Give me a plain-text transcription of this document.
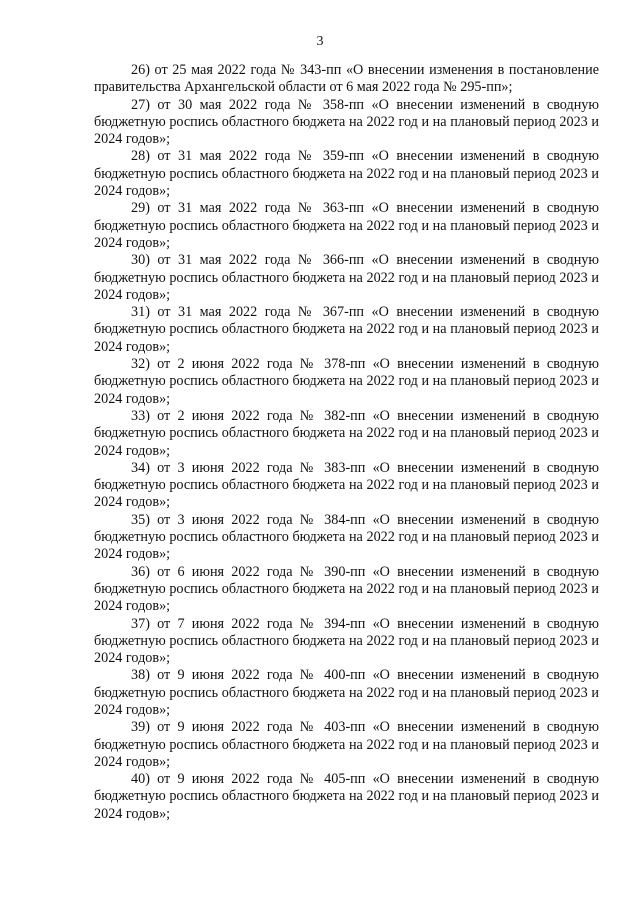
3

26) от 25 мая 2022 года № 343-пп «О внесении изменения в постановление правительства Архангельской области от 6 мая 2022 года № 295-пп»;

27) от 30 мая 2022 года № 358-пп «О внесении изменений в сводную бюджетную роспись областного бюджета на 2022 год и на плановый период 2023 и 2024 годов»;

28) от 31 мая 2022 года № 359-пп «О внесении изменений в сводную бюджетную роспись областного бюджета на 2022 год и на плановый период 2023 и 2024 годов»;

29) от 31 мая 2022 года № 363-пп «О внесении изменений в сводную бюджетную роспись областного бюджета на 2022 год и на плановый период 2023 и 2024 годов»;

30) от 31 мая 2022 года № 366-пп «О внесении изменений в сводную бюджетную роспись областного бюджета на 2022 год и на плановый период 2023 и 2024 годов»;

31) от 31 мая 2022 года № 367-пп «О внесении изменений в сводную бюджетную роспись областного бюджета на 2022 год и на плановый период 2023 и 2024 годов»;

32) от 2 июня 2022 года № 378-пп «О внесении изменений в сводную бюджетную роспись областного бюджета на 2022 год и на плановый период 2023 и 2024 годов»;

33) от 2 июня 2022 года № 382-пп «О внесении изменений в сводную бюджетную роспись областного бюджета на 2022 год и на плановый период 2023 и 2024 годов»;

34) от 3 июня 2022 года № 383-пп «О внесении изменений в сводную бюджетную роспись областного бюджета на 2022 год и на плановый период 2023 и 2024 годов»;

35) от 3 июня 2022 года № 384-пп «О внесении изменений в сводную бюджетную роспись областного бюджета на 2022 год и на плановый период 2023 и 2024 годов»;

36) от 6 июня 2022 года № 390-пп «О внесении изменений в сводную бюджетную роспись областного бюджета на 2022 год и на плановый период 2023 и 2024 годов»;

37) от 7 июня 2022 года № 394-пп «О внесении изменений в сводную бюджетную роспись областного бюджета на 2022 год и на плановый период 2023 и 2024 годов»;

38) от 9 июня 2022 года № 400-пп «О внесении изменений в сводную бюджетную роспись областного бюджета на 2022 год и на плановый период 2023 и 2024 годов»;

39) от 9 июня 2022 года № 403-пп «О внесении изменений в сводную бюджетную роспись областного бюджета на 2022 год и на плановый период 2023 и 2024 годов»;

40) от 9 июня 2022 года № 405-пп «О внесении изменений в сводную бюджетную роспись областного бюджета на 2022 год и на плановый период 2023 и 2024 годов»;
